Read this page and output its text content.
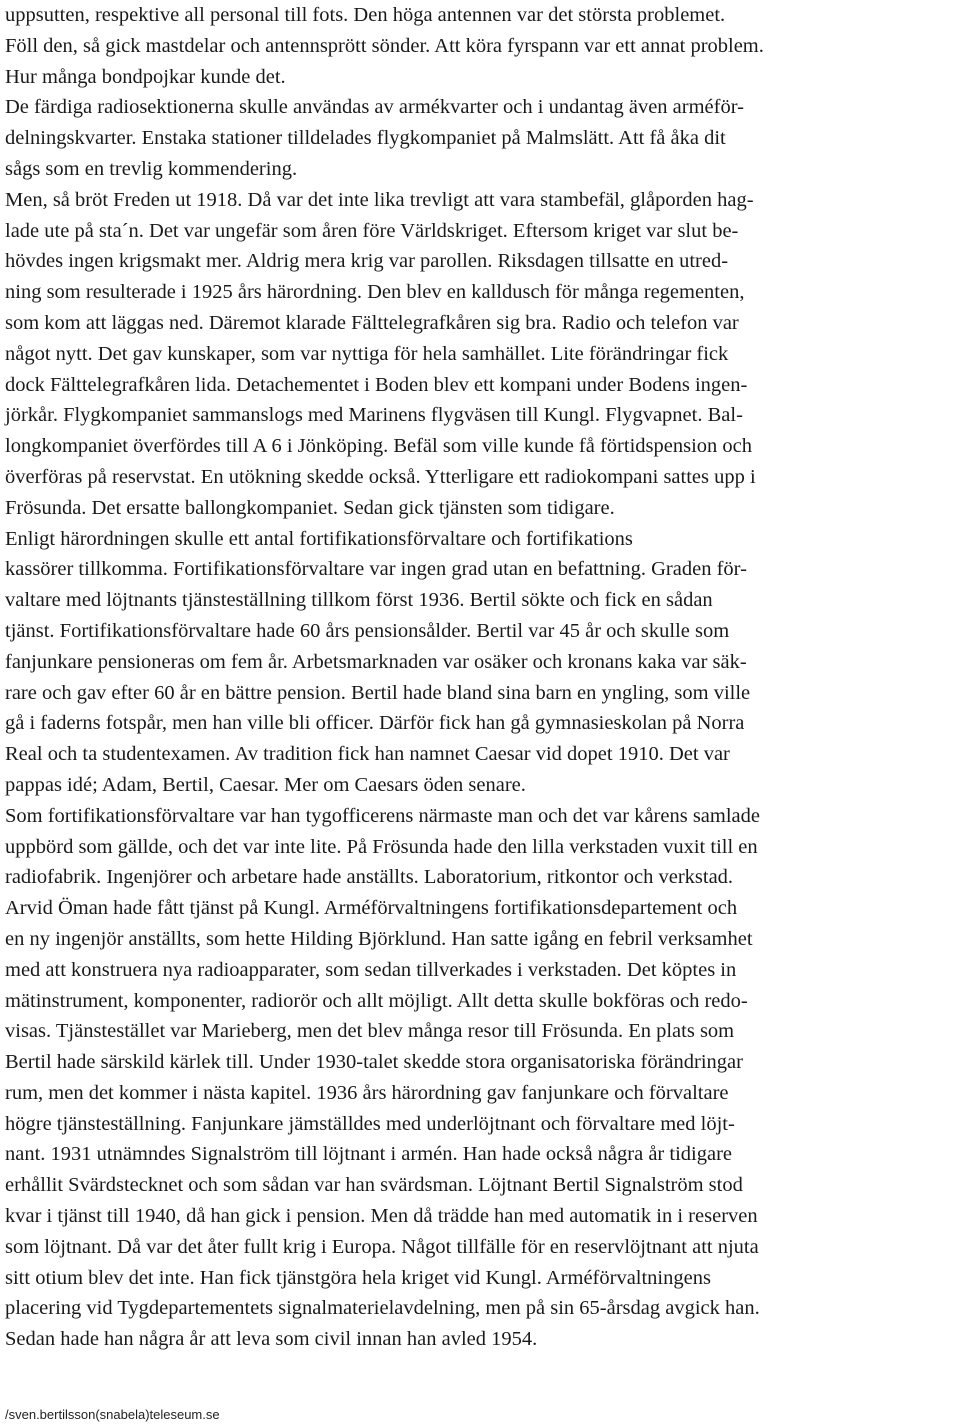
uppsutten, respektive all personal till fots. Den höga antennen var det största problemet.
Föll den, så gick mastdelar och antennsprött sönder. Att köra fyrspann var ett annat problem.
Hur många bondpojkar kunde det.
De färdiga radiosektionerna skulle användas av armékvarter och i undantag även arméför-
delningskvarter. Enstaka stationer tilldelades flygkompaniet på Malmslätt. Att få åka dit
sågs som en trevlig kommendering.
Men, så bröt Freden ut 1918. Då var det inte lika trevligt att vara stambefäl, glåporden hag-
lade ute på sta´n. Det var ungefär som åren före Världskriget. Eftersom kriget var slut be-
hövdes ingen krigsmakt mer. Aldrig mera krig var parollen. Riksdagen tillsatte en utred-
ning som resulterade i 1925 års härordning. Den blev en kalldusch för många regementen,
som kom att läggas ned. Däremot klarade Fälttelegrafkåren sig bra. Radio och telefon var
något nytt. Det gav kunskaper, som var nyttiga för hela samhället. Lite förändringar fick
dock Fälttelegrafkåren lida. Detachementet i Boden blev ett kompani under Bodens ingen-
jörkår. Flygkompaniet sammanslogs med Marinens flygväsen till Kungl. Flygvapnet. Bal-
longkompaniet överfördes till A 6 i Jönköping. Befäl som ville kunde få förtidspension och
överföras på reservstat. En utökning skedde också. Ytterligare ett radiokompani sattes upp i
Frösunda. Det ersatte ballongkompaniet. Sedan gick tjänsten som tidigare.
Enligt härordningen skulle ett antal fortifikationsförvaltare och fortifikations
kassörer tillkomma. Fortifikationsförvaltare var ingen grad utan en befattning. Graden för-
valtare med löjtnants tjänsteställning tillkom först 1936. Bertil sökte och fick en sådan
tjänst. Fortifikationsförvaltare hade 60 års pensionsålder. Bertil var 45 år och skulle som
fanjunkare pensioneras om fem år. Arbetsmarknaden var osäker och kronans kaka var säk-
rare och gav efter 60 år en bättre pension. Bertil hade bland sina barn en yngling, som ville
gå i faderns fotspår, men han ville bli officer. Därför fick han gå gymnasieskolan på Norra
Real och ta studentexamen. Av tradition fick han namnet Caesar vid dopet 1910. Det var
pappas idé; Adam, Bertil, Caesar. Mer om Caesars öden senare.
Som fortifikationsförvaltare var han tygofficerens närmaste man och det var kårens samlade
uppbörd som gällde, och det var inte lite. På Frösunda hade den lilla verkstaden vuxit till en
radiofabrik. Ingenjörer och arbetare hade anställts. Laboratorium, ritkontor och verkstad.
Arvid Öman hade fått tjänst på Kungl. Arméförvaltningens fortifikationsdepartement och
en ny ingenjör anställts, som hette Hilding Björklund. Han satte igång en febril verksamhet
med att konstruera nya radioapparater, som sedan tillverkades i verkstaden. Det köptes in
mätinstrument, komponenter, radiorör och allt möjligt. Allt detta skulle bokföras och redo-
visas. Tjänstestället var Marieberg, men det blev många resor till Frösunda. En plats som
Bertil hade särskild kärlek till. Under 1930-talet skedde stora organisatoriska förändringar
rum, men det kommer i nästa kapitel. 1936 års härordning gav fanjunkare och förvaltare
högre tjänsteställning. Fanjunkare jämställdes med underlöjtnant och förvaltare med löjt-
nant. 1931 utnämndes Signalström till löjtnant i armén. Han hade också några år tidigare
erhållit Svärdstecknet och som sådan var han svärdsman. Löjtnant Bertil Signalström stod
kvar i tjänst till 1940, då han gick i pension. Men då trädde han med automatik in i reserven
som löjtnant. Då var det åter fullt krig i Europa. Något tillfälle för en reservlöjtnant att njuta
sitt otium blev det inte. Han fick tjänstgöra hela kriget vid Kungl. Arméförvaltningens
placering vid Tygdepartementets signalmaterielavdelning, men på sin 65-årsdag avgick han.
Sedan hade han några år att leva som civil innan han avled 1954.
/sven.bertilsson(snabela)teleseum.se
